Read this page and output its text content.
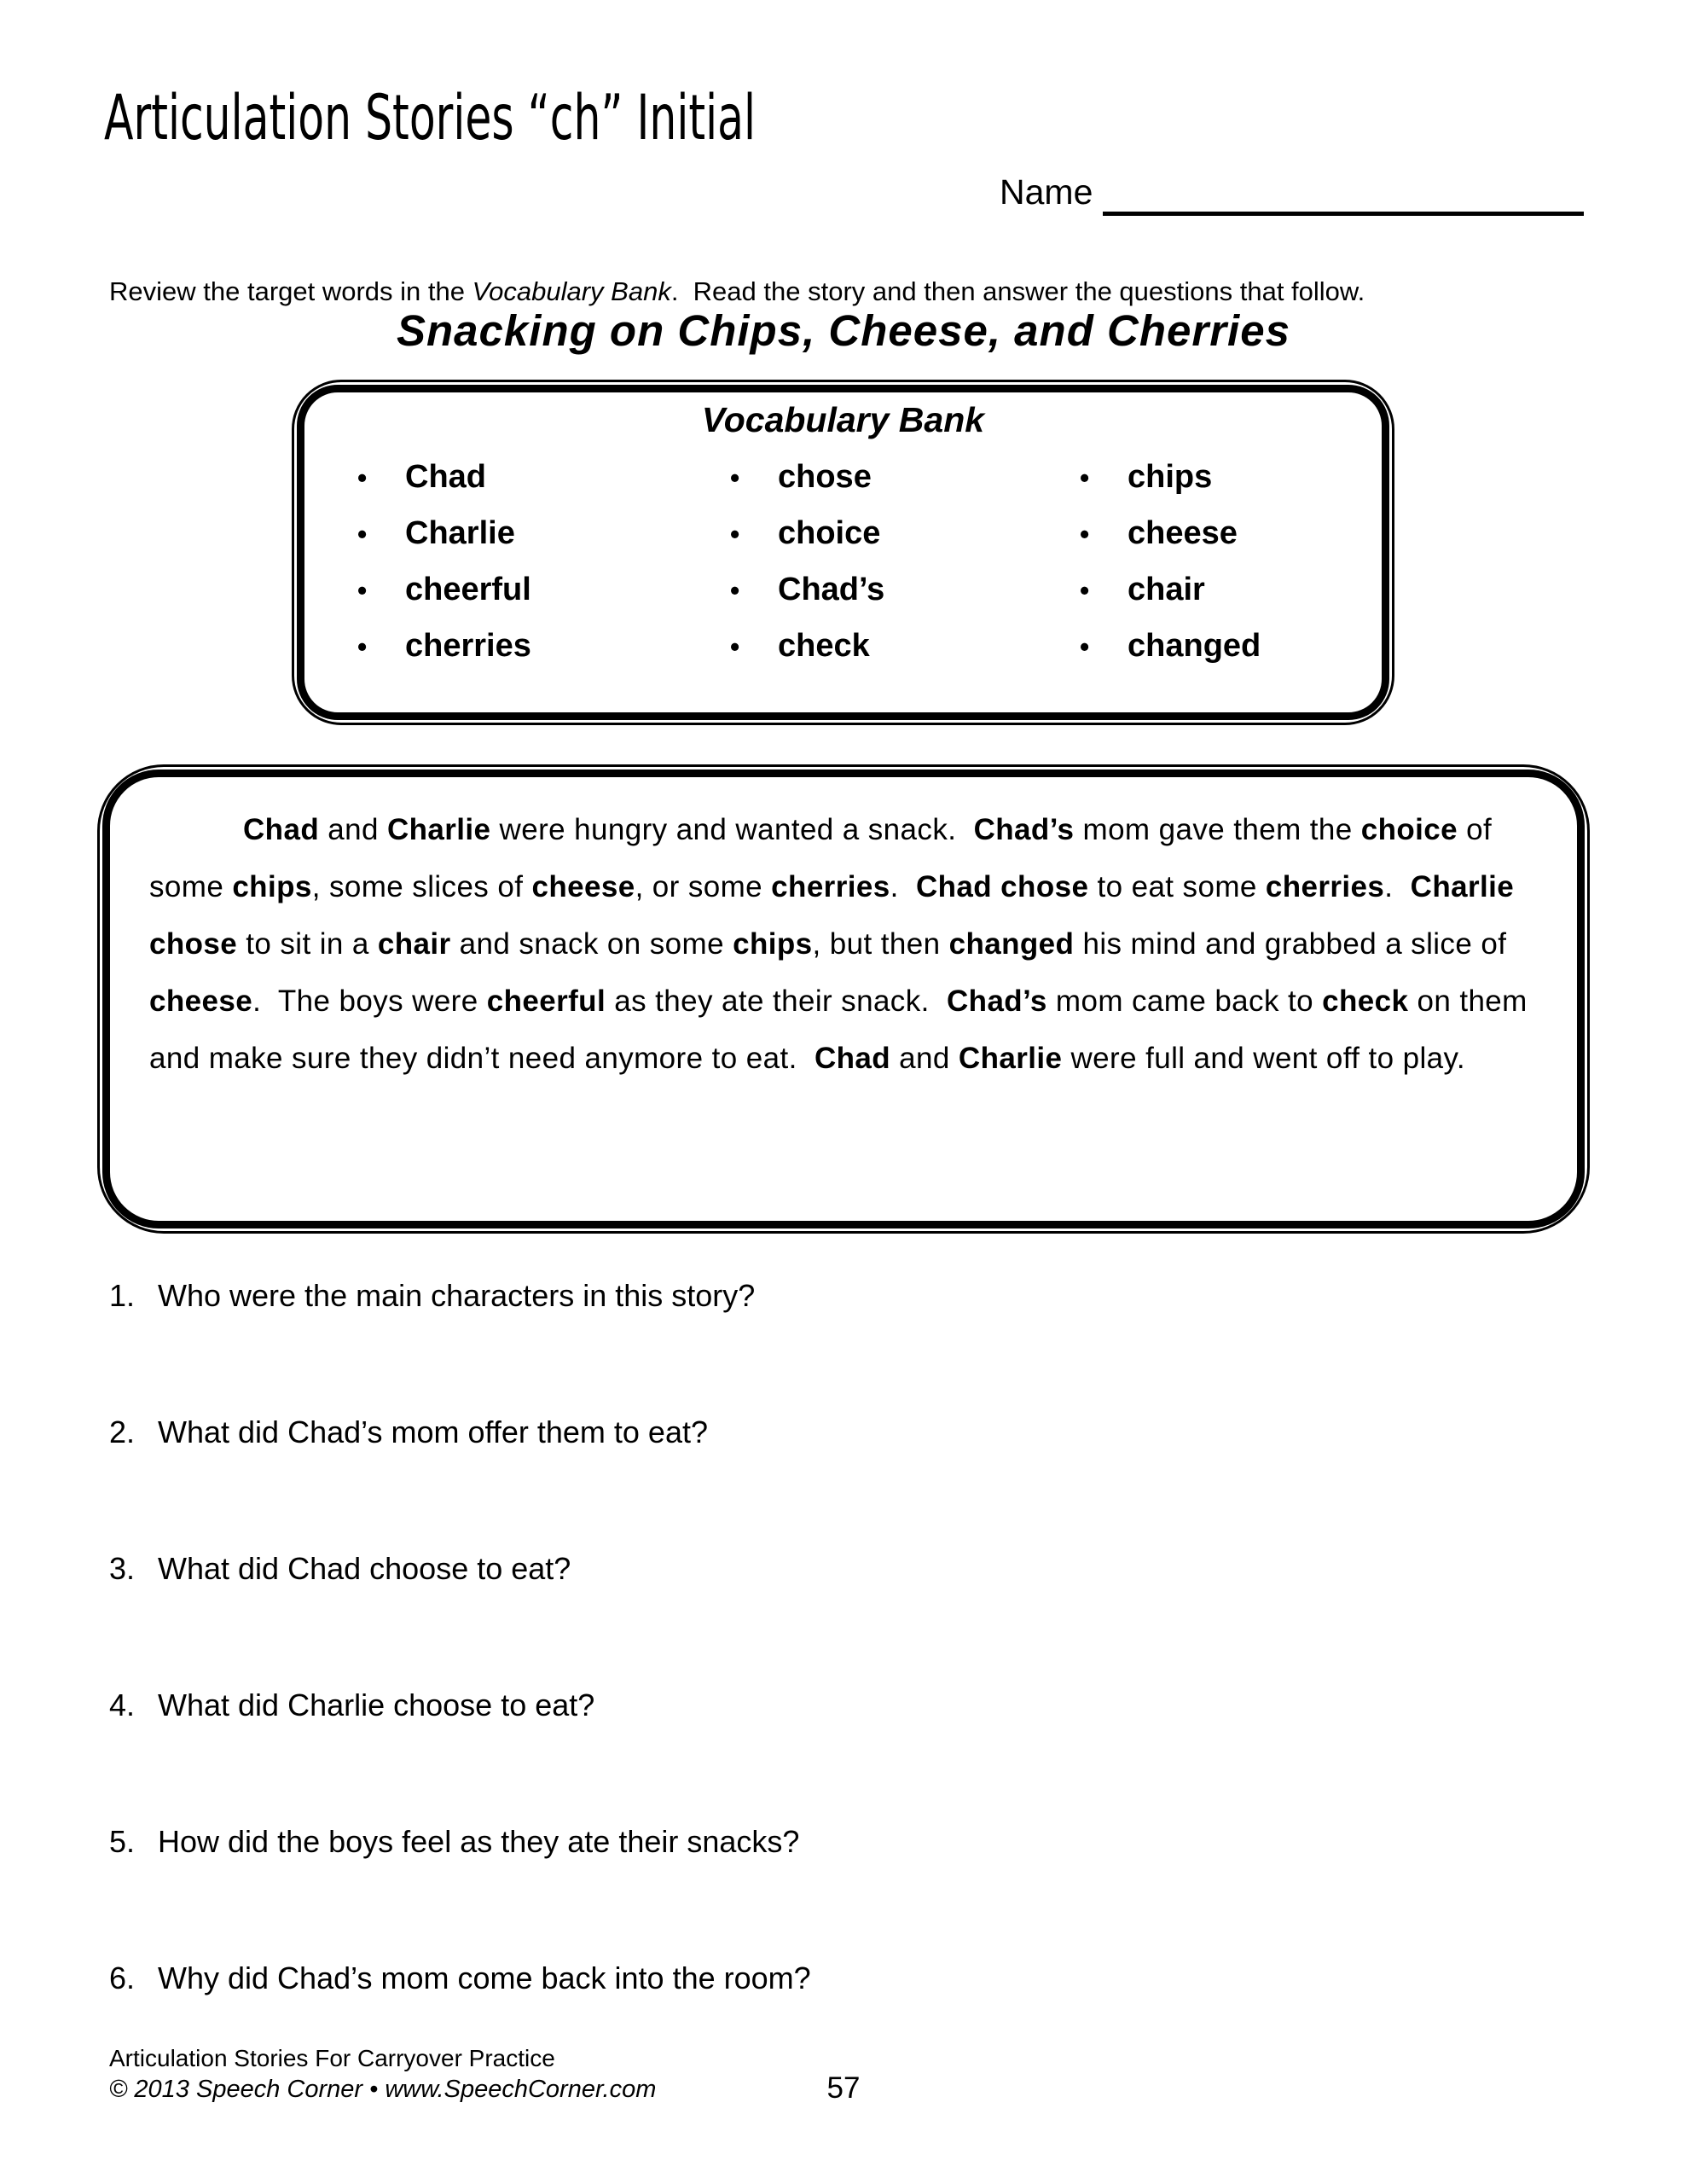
Articulation Stories “ch” Initial
Name
Review the target words in the Vocabulary Bank.  Read the story and then answer the questions that follow.
Snacking on Chips, Cheese, and Cherries
Vocabulary Bank
•	Chad
•	Charlie
•	cheerful
•	cherries
•	chose
•	choice
•	Chad’s
•	check
•	chips
•	cheese
•	chair
•	changed
Chad and Charlie were hungry and wanted a snack.  Chad’s mom gave them the choice of some chips, some slices of cheese, or some cherries.  Chad chose to eat some cherries.  Charlie chose to sit in a chair and snack on some chips, but then changed his mind and grabbed a slice of cheese.  The boys were cheerful as they ate their snack.  Chad’s mom came back to check on them and make sure they didn’t need anymore to eat.  Chad and Charlie were full and went off to play.
1. Who were the main characters in this story?
2. What did Chad’s mom offer them to eat?
3. What did Chad choose to eat?
4. What did Charlie choose to eat?
5. How did the boys feel as they ate their snacks?
6. Why did Chad’s mom come back into the room?
Articulation Stories For Carryover Practice
© 2013 Speech Corner • www.SpeechCorner.com	57
